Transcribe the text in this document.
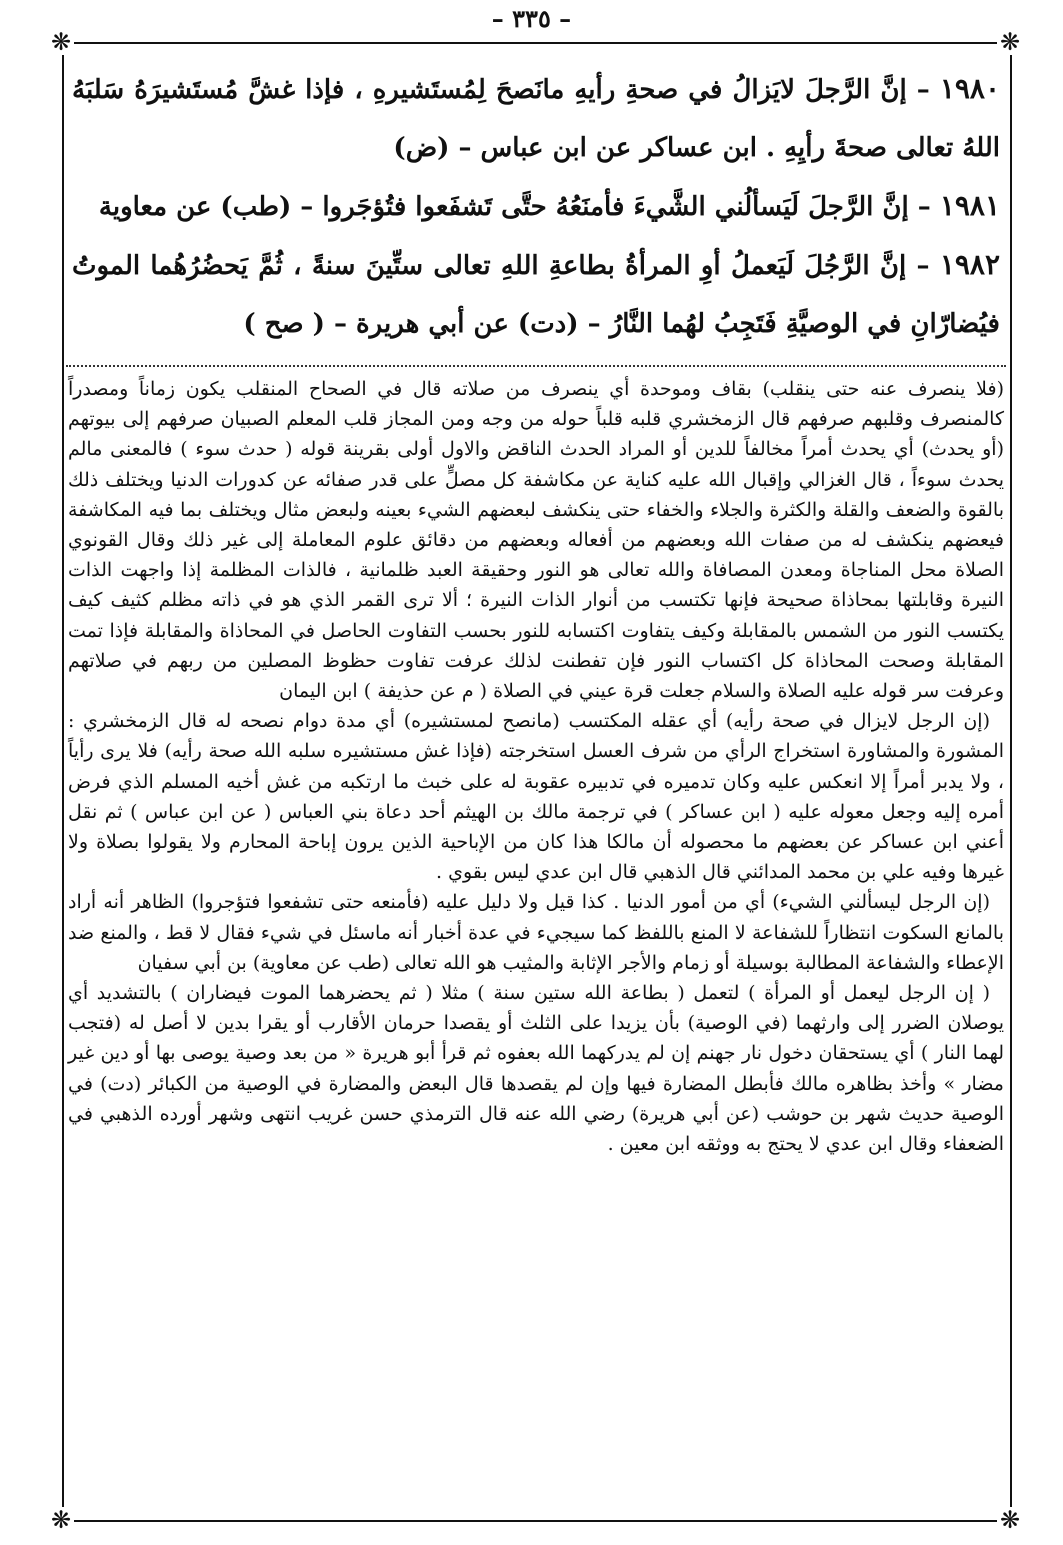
– ٣٣٥ –
❋	❋
❋	❋

١٩٨٠ – إنَّ الرَّجلَ لايَزالُ في صحةِ رأيهِ مانَصحَ لِمُستَشيرهِ ، فإذا غشَّ مُستَشيرَهُ سَلبَهُ اللهُ تعالى صحةَ رأيِهِ . ابن عساكر عن ابن عباس – (ض)

١٩٨١ – إنَّ الرَّجلَ لَيَسألُني الشَّيءَ فأمنَعُهُ حتَّى تَشفَعوا فتُؤجَروا – (طب) عن معاوية

١٩٨٢ – إنَّ الرَّجُلَ لَيَعملُ أوِ المرأةُ بطاعةِ اللهِ تعالى ستِّينَ سنةً ، ثُمَّ يَحضُرُهُما الموتُ فيُضارّانِ في الوصيَّةِ فَتَجِبُ لهُما النَّارُ – (دت) عن أبي هريرة – ( صح )

(فلا ينصرف عنه حتى ينقلب) بقاف وموحدة أي ينصرف من صلاته قال في الصحاح المنقلب يكون زماناً ومصدراً كالمنصرف وقلبهم صرفهم قال الزمخشري قلبه قلباً حوله من وجه ومن المجاز قلب المعلم الصبيان صرفهم إلى بيوتهم (أو يحدث) أي يحدث أمراً مخالفاً للدين أو المراد الحدث الناقض والاول أولى بقرينة قوله ( حدث سوء ) فالمعنى مالم يحدث سوءاً ، قال الغزالي وإقبال الله عليه كناية عن مكاشفة كل مصلٍّ على قدر صفائه عن كدورات الدنيا ويختلف ذلك بالقوة والضعف والقلة والكثرة والجلاء والخفاء حتى ينكشف لبعضهم الشيء بعينه ولبعض مثال ويختلف بما فيه المكاشفة فيعضهم ينكشف له من صفات الله وبعضهم من أفعاله وبعضهم من دقائق علوم المعاملة إلى غير ذلك وقال القونوي الصلاة محل المناجاة ومعدن المصافاة والله تعالى هو النور وحقيقة العبد ظلمانية ، فالذات المظلمة إذا واجهت الذات النيرة وقابلتها بمحاذاة صحيحة فإنها تكتسب من أنوار الذات النيرة ؛ ألا ترى القمر الذي هو في ذاته مظلم كثيف كيف يكتسب النور من الشمس بالمقابلة وكيف يتفاوت اكتسابه للنور بحسب التفاوت الحاصل في المحاذاة والمقابلة فإذا تمت المقابلة وصحت المحاذاة كل اكتساب النور فإن تفطنت لذلك عرفت تفاوت حظوظ المصلين من ربهم في صلاتهم وعرفت سر قوله عليه الصلاة والسلام جعلت قرة عيني في الصلاة ( م عن حذيفة ) ابن اليمان

(إن الرجل لايزال في صحة رأيه) أي عقله المكتسب (مانصح لمستشيره) أي مدة دوام نصحه له قال الزمخشري : المشورة والمشاورة استخراج الرأي من شرف العسل استخرجته (فإذا غش مستشيره سلبه الله صحة رأيه) فلا يرى رأياً ، ولا يدبر أمراً إلا انعكس عليه وكان تدميره في تدبيره عقوبة له على خبث ما ارتكبه من غش أخيه المسلم الذي فرض أمره إليه وجعل معوله عليه ( ابن عساكر ) في ترجمة مالك بن الهيثم أحد دعاة بني العباس ( عن ابن عباس ) ثم نقل أعني ابن عساكر عن بعضهم ما محصوله أن مالكا هذا كان من الإباحية الذين يرون إباحة المحارم ولا يقولوا بصلاة ولا غيرها وفيه علي بن محمد المدائني قال الذهبي قال ابن عدي ليس بقوي .

(إن الرجل ليسألني الشيء) أي من أمور الدنيا . كذا قيل ولا دليل عليه (فأمنعه حتى تشفعوا فتؤجروا) الظاهر أنه أراد بالمانع السكوت انتظاراً للشفاعة لا المنع باللفظ كما سيجيء في عدة أخبار أنه ماسئل في شيء فقال لا قط ، والمنع ضد الإعطاء والشفاعة المطالبة بوسيلة أو زمام والأجر الإثابة والمثيب هو الله تعالى (طب عن معاوية) بن أبي سفيان

( إن الرجل ليعمل أو المرأة ) لتعمل ( بطاعة الله ستين سنة ) مثلا ( ثم يحضرهما الموت فيضاران ) بالتشديد أي يوصلان الضرر إلى وارثهما (في الوصية) بأن يزيدا على الثلث أو يقصدا حرمان الأقارب أو يقرا بدين لا أصل له (فتجب لهما النار ) أي يستحقان دخول نار جهنم إن لم يدركهما الله بعفوه ثم قرأ أبو هريرة « من بعد وصية يوصى بها أو دين غير مضار » وأخذ بظاهره مالك فأبطل المضارة فيها وإن لم يقصدها قال البعض والمضارة في الوصية من الكبائر (دت) في الوصية حديث شهر بن حوشب (عن أبي هريرة) رضي الله عنه قال الترمذي حسن غريب انتهى وشهر أورده الذهبي في الضعفاء وقال ابن عدي لا يحتج به ووثقه ابن معين .
